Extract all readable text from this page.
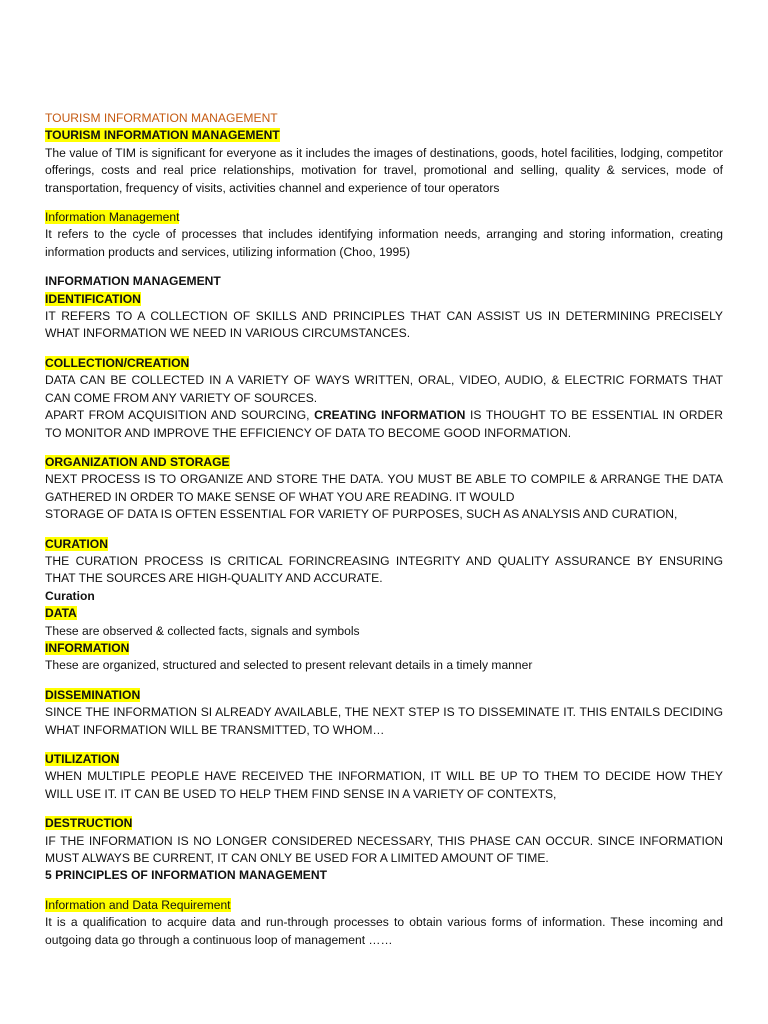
TOURISM INFORMATION MANAGEMENT

TOURISM INFORMATION MANAGEMENT

The value of TIM is significant for everyone as it includes the images of destinations, goods, hotel facilities, lodging, competitor offerings, costs and real price relationships, motivation for travel, promotional and selling, quality & services, mode of transportation, frequency of visits, activities channel and experience of tour operators

Information Management

It refers to the cycle of processes that includes identifying information needs, arranging and storing information, creating information products and services, utilizing information (Choo, 1995)

INFORMATION MANAGEMENT

IDENTIFICATION

IT REFERS TO A COLLECTION OF SKILLS AND PRINCIPLES THAT CAN ASSIST US IN DETERMINING PRECISELY WHAT INFORMATION WE NEED IN VARIOUS CIRCUMSTANCES.

COLLECTION/CREATION

DATA CAN BE COLLECTED IN A VARIETY OF WAYS WRITTEN, ORAL, VIDEO, AUDIO, & ELECTRIC FORMATS THAT CAN COME FROM ANY VARIETY OF SOURCES.

APART FROM ACQUISITION AND SOURCING, CREATING INFORMATION IS THOUGHT TO BE ESSENTIAL IN ORDER TO MONITOR AND IMPROVE THE EFFICIENCY OF DATA TO BECOME GOOD INFORMATION.

ORGANIZATION AND STORAGE

NEXT PROCESS IS TO ORGANIZE AND STORE THE DATA. YOU MUST BE ABLE TO COMPILE & ARRANGE THE DATA GATHERED IN ORDER TO MAKE SENSE OF WHAT YOU ARE READING. IT WOULD

STORAGE OF DATA IS OFTEN ESSENTIAL FOR VARIETY OF PURPOSES, SUCH AS ANALYSIS AND CURATION,

CURATION

THE CURATION PROCESS IS CRITICAL FORINCREASING INTEGRITY AND QUALITY ASSURANCE BY ENSURING THAT THE SOURCES ARE HIGH-QUALITY AND ACCURATE.

Curation

DATA

These are observed & collected facts, signals and symbols

INFORMATION

These are organized, structured and selected to present relevant details in a timely manner

DISSEMINATION

SINCE THE INFORMATION SI ALREADY AVAILABLE, THE NEXT STEP IS TO DISSEMINATE IT. THIS ENTAILS DECIDING WHAT INFORMATION WILL BE TRANSMITTED, TO WHOM…

UTILIZATION

WHEN MULTIPLE PEOPLE HAVE RECEIVED THE INFORMATION, IT WILL BE UP TO THEM TO DECIDE HOW THEY WILL USE IT. IT CAN BE USED TO HELP THEM FIND SENSE IN A VARIETY OF CONTEXTS,

DESTRUCTION

IF THE INFORMATION IS NO LONGER CONSIDERED NECESSARY, THIS PHASE CAN OCCUR. SINCE INFORMATION MUST ALWAYS BE CURRENT, IT CAN ONLY BE USED FOR A LIMITED AMOUNT OF TIME.

5 PRINCIPLES OF INFORMATION MANAGEMENT

Information and Data Requirement

It is a qualification to acquire data and run-through processes to obtain various forms of information. These incoming and outgoing data go through a continuous loop of management ……
